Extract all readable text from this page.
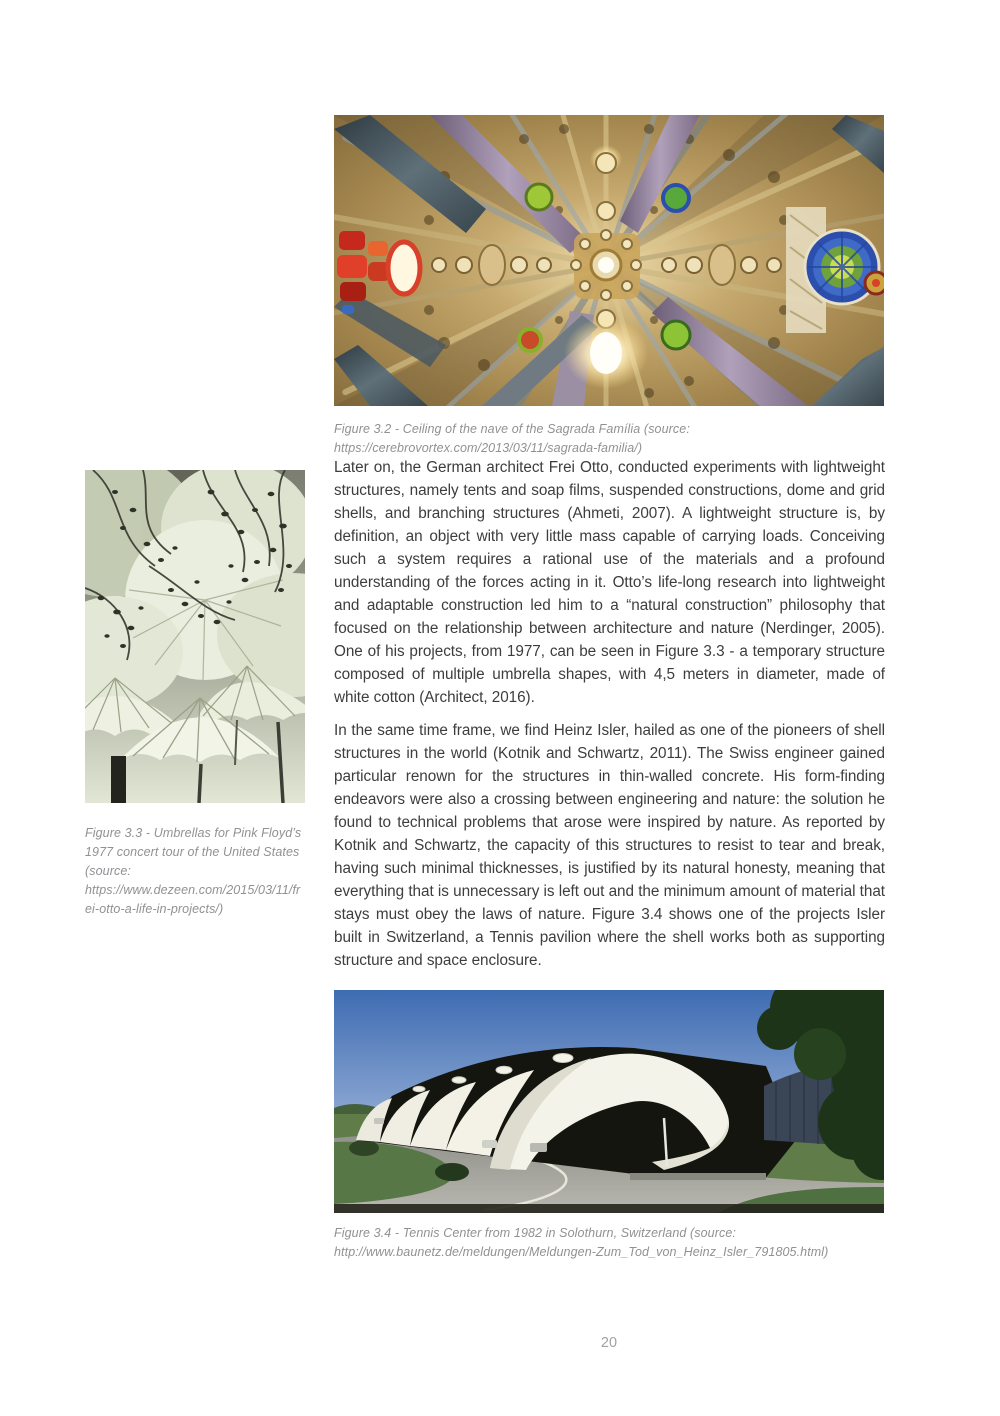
Figure 3.2 - Ceiling of the nave of the Sagrada Família (source: https://cerebrovortex.com/2013/03/11/sagrada-familia/)

Later on, the German architect Frei Otto, conducted experiments with lightweight structures, namely tents and soap films, suspended constructions, dome and grid shells, and branching structures (Ahmeti, 2007). A lightweight structure is, by definition, an object with very little mass capable of carrying loads. Conceiving such a system requires a rational use of the materials and a profound understanding of the forces acting in it. Otto’s life-long research into lightweight and adaptable construction led him to a “natural construction” philosophy that focused on the relationship between architecture and nature (Nerdinger, 2005). One of his projects, from 1977, can be seen in Figure 3.3 - a temporary structure composed of multiple umbrella shapes, with 4,5 meters in diameter, made of white cotton (Architect, 2016).

Figure 3.3 - Umbrellas for Pink Floyd’s 1977 concert tour of the United States (source: https://www.dezeen.com/2015/03/11/frei-otto-a-life-in-projects/)

In the same time frame, we find Heinz Isler, hailed as one of the pioneers of shell structures in the world (Kotnik and Schwartz, 2011). The Swiss engineer gained particular renown for the structures in thin-walled concrete. His form-finding endeavors were also a crossing between engineering and nature: the solution he found to technical problems that arose were inspired by nature. As reported by Kotnik and Schwartz, the capacity of this structures to resist to tear and break, having such minimal thicknesses, is justified by its natural honesty, meaning that everything that is unnecessary is left out and the minimum amount of material that stays must obey the laws of nature. Figure 3.4 shows one of the projects Isler built in Switzerland, a Tennis pavilion where the shell works both as supporting structure and space enclosure.

Figure 3.4 - Tennis Center from 1982 in Solothurn, Switzerland (source: http://www.baunetz.de/meldungen/Meldungen-Zum_Tod_von_Heinz_Isler_791805.html)
20
